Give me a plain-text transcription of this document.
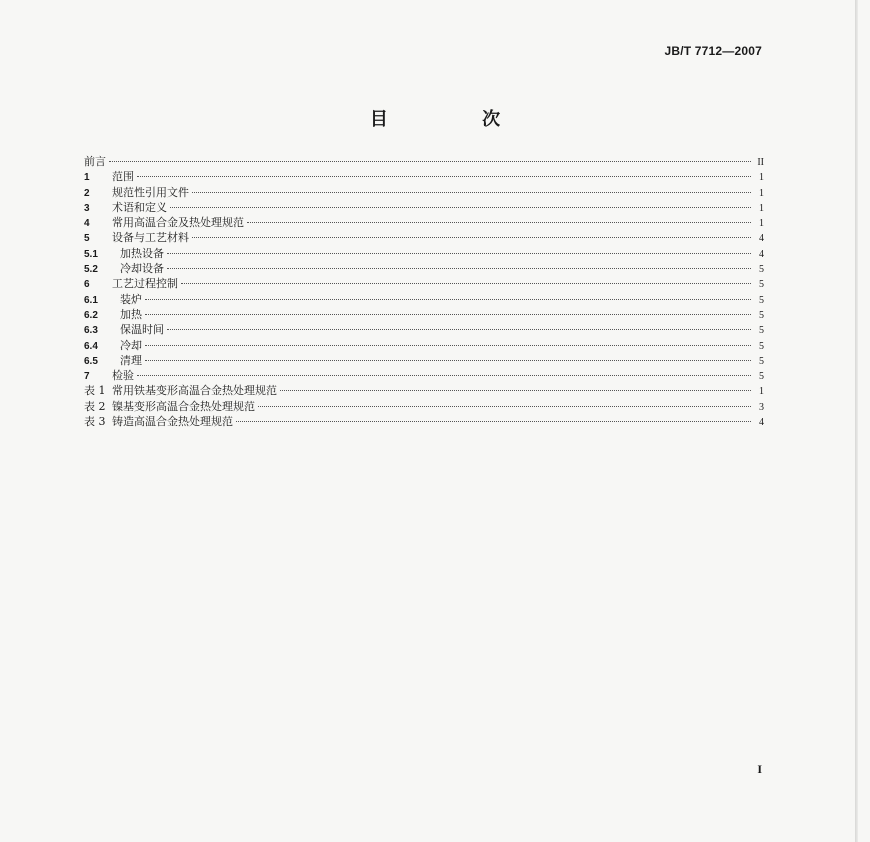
JB/T 7712—2007
目 次
前言	II
1	范围	1
2	规范性引用文件	1
3	术语和定义	1
4	常用高温合金及热处理规范	1
5	设备与工艺材料	4
5.1	加热设备	4
5.2	冷却设备	5
6	工艺过程控制	5
6.1	装炉	5
6.2	加热	5
6.3	保温时间	5
6.4	冷却	5
6.5	清理	5
7	检验	5
表 1 常用铁基变形高温合金热处理规范	1
表 2 镍基变形高温合金热处理规范	3
表 3 铸造高温合金热处理规范	4
I
